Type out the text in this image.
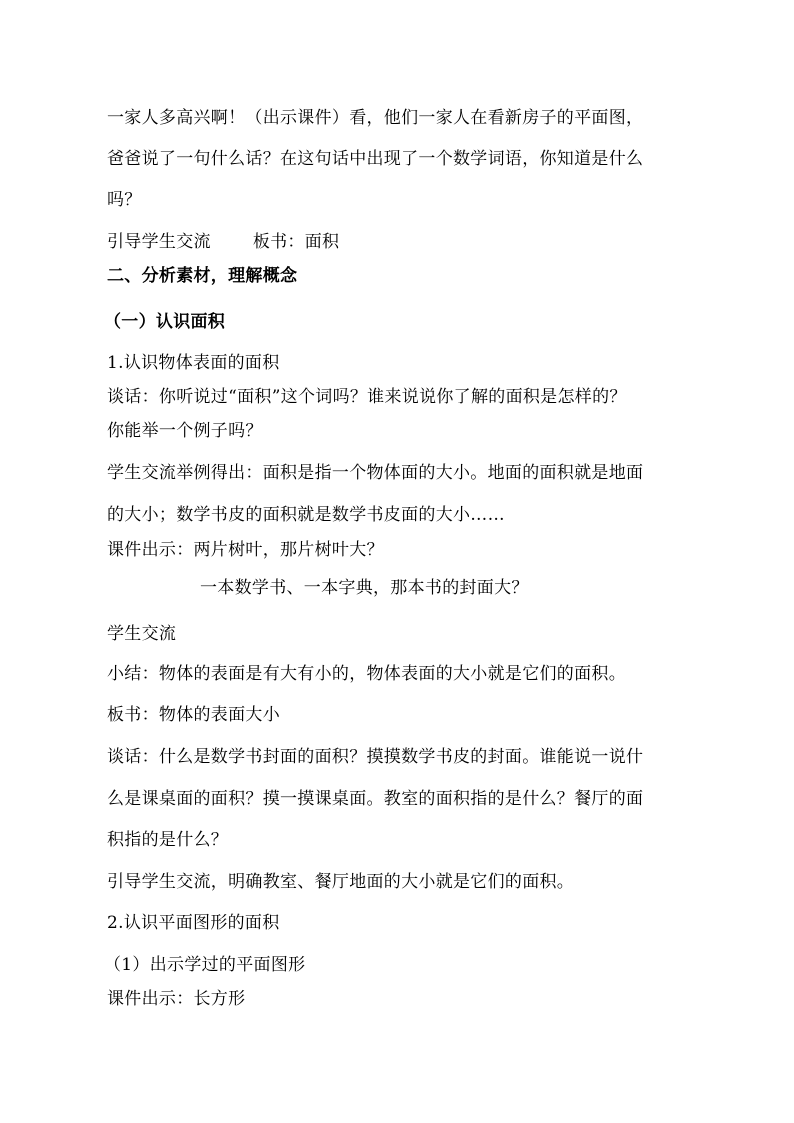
一家人多高兴啊！（出示课件）看，他们一家人在看新房子的平面图，
爸爸说了一句什么话？在这句话中出现了一个数学词语，你知道是什么
吗？
引导学生交流 板书：面积
二、分析素材，理解概念
（一）认识面积
1.认识物体表面的面积
谈话：你听说过“面积”这个词吗？谁来说说你了解的面积是怎样的？
你能举一个例子吗？
学生交流举例得出：面积是指一个物体面的大小。地面的面积就是地面
的大小；数学书皮的面积就是数学书皮面的大小……
课件出示：两片树叶，那片树叶大？
一本数学书、一本字典，那本书的封面大？
学生交流
小结：物体的表面是有大有小的，物体表面的大小就是它们的面积。
板书：物体的表面大小
谈话：什么是数学书封面的面积？摸摸数学书皮的封面。谁能说一说什
么是课桌面的面积？摸一摸课桌面。教室的面积指的是什么？餐厅的面
积指的是什么？
引导学生交流，明确教室、餐厅地面的大小就是它们的面积。
2.认识平面图形的面积
（1）出示学过的平面图形
课件出示：长方形
